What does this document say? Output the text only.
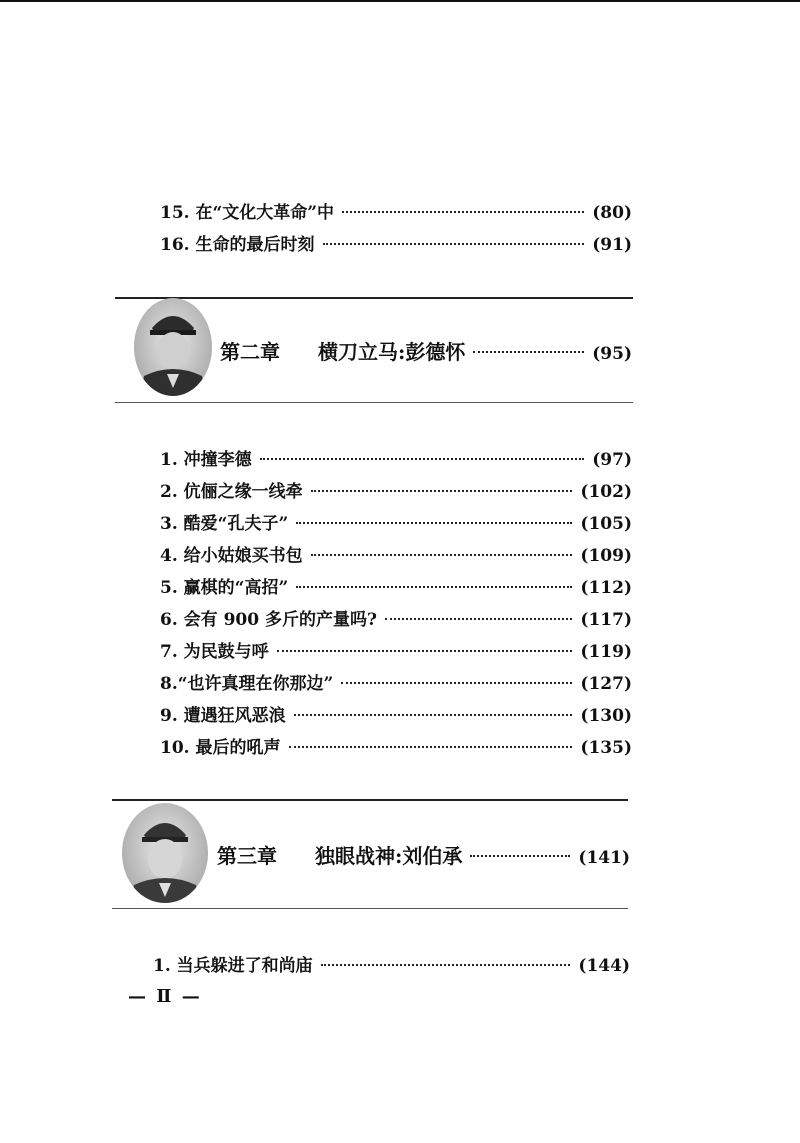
15. 在“文化大革命”中	(80)
16. 生命的最后时刻	(91)
第二章 横刀立马:彭德怀	(95)
1. 冲撞李德	(97)
2. 伉俪之缘一线牵	(102)
3. 酷爱“孔夫子”	(105)
4. 给小姑娘买书包	(109)
5. 赢棋的“高招”	(112)
6. 会有 900 多斤的产量吗?	(117)
7. 为民鼓与呼	(119)
8.“也许真理在你那边”	(127)
9. 遭遇狂风恶浪	(130)
10. 最后的吼声	(135)
第三章 独眼战神:刘伯承	(141)
1. 当兵躲进了和尚庙	(144)
— Ⅱ —
